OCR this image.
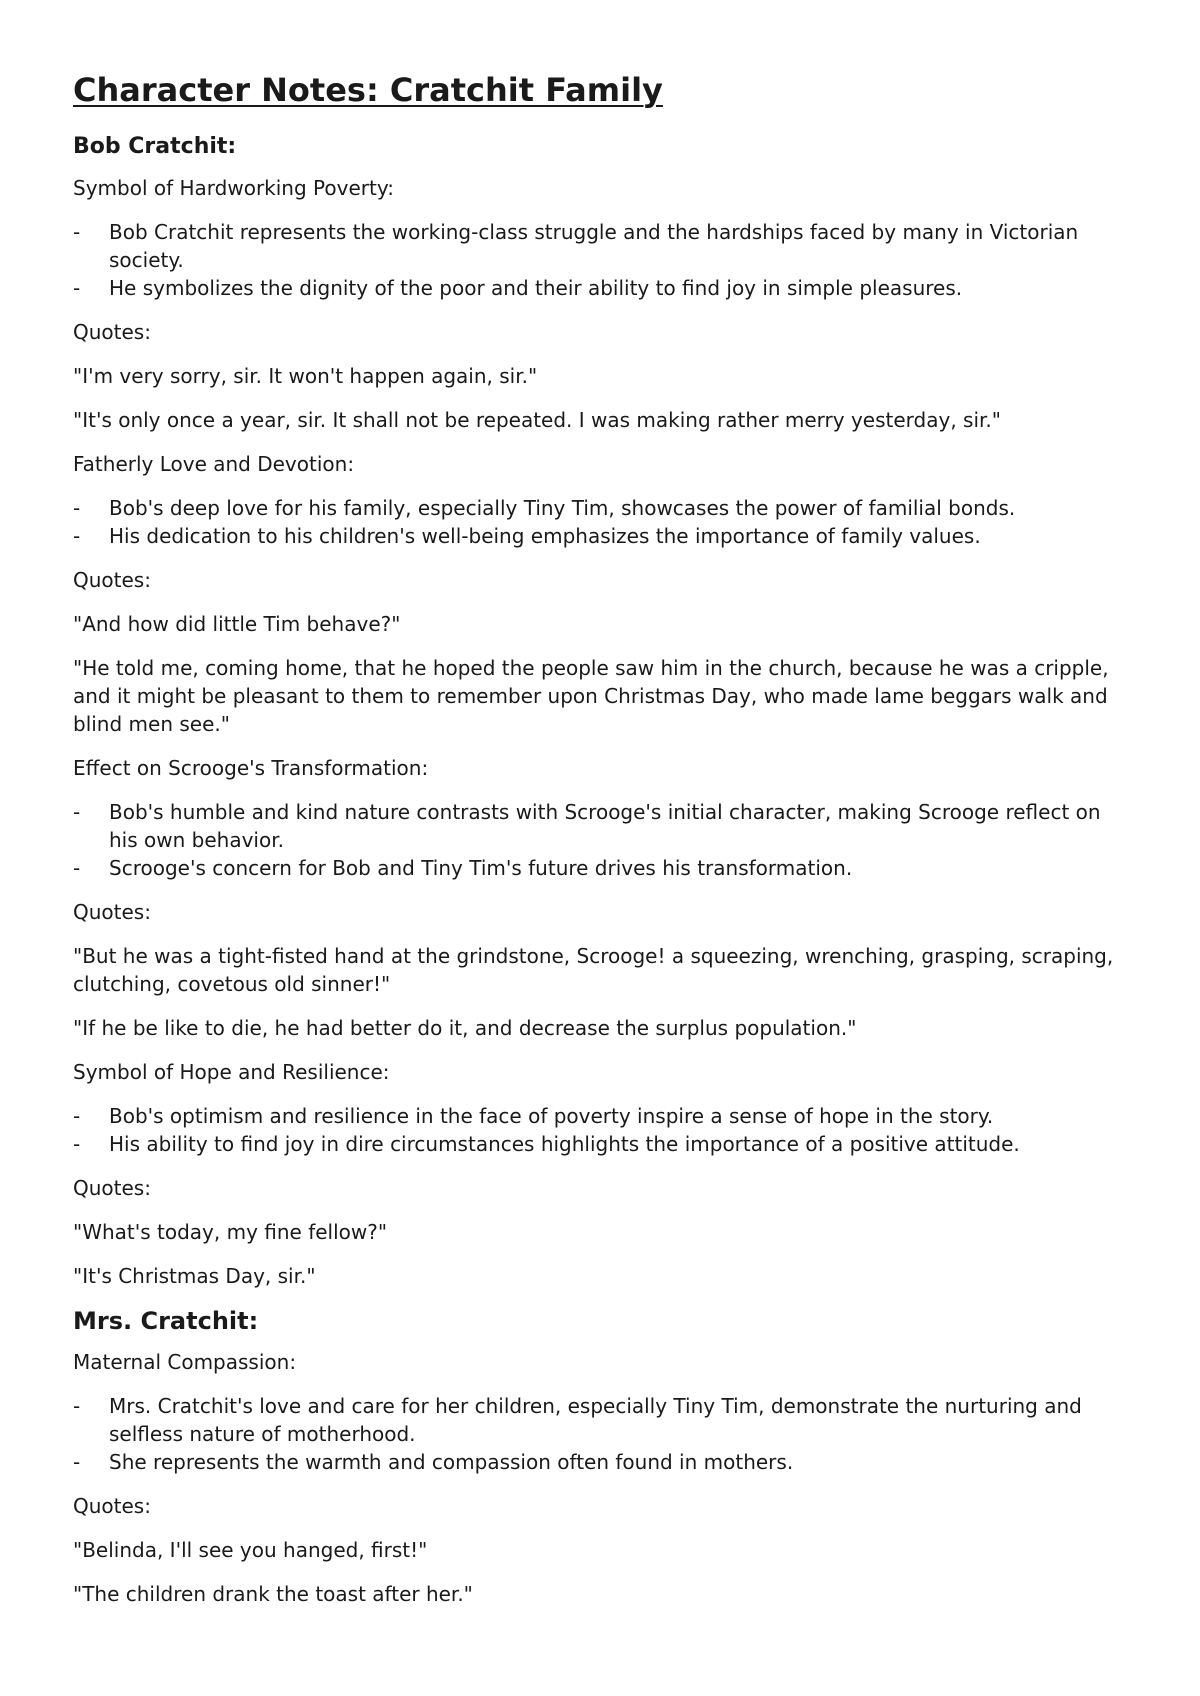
Character Notes: Cratchit Family
Bob Cratchit:

Symbol of Hardworking Poverty:

- Bob Cratchit represents the working-class struggle and the hardships faced by many in Victorian society.
- He symbolizes the dignity of the poor and their ability to find joy in simple pleasures.

Quotes:

"I'm very sorry, sir. It won't happen again, sir."

"It's only once a year, sir. It shall not be repeated. I was making rather merry yesterday, sir."

Fatherly Love and Devotion:

- Bob's deep love for his family, especially Tiny Tim, showcases the power of familial bonds.
- His dedication to his children's well-being emphasizes the importance of family values.

Quotes:

"And how did little Tim behave?"

"He told me, coming home, that he hoped the people saw him in the church, because he was a cripple, and it might be pleasant to them to remember upon Christmas Day, who made lame beggars walk and blind men see."

Effect on Scrooge's Transformation:

- Bob's humble and kind nature contrasts with Scrooge's initial character, making Scrooge reflect on his own behavior.
- Scrooge's concern for Bob and Tiny Tim's future drives his transformation.

Quotes:

"But he was a tight-fisted hand at the grindstone, Scrooge! a squeezing, wrenching, grasping, scraping, clutching, covetous old sinner!"

"If he be like to die, he had better do it, and decrease the surplus population."

Symbol of Hope and Resilience:

- Bob's optimism and resilience in the face of poverty inspire a sense of hope in the story.
- His ability to find joy in dire circumstances highlights the importance of a positive attitude.

Quotes:

"What's today, my fine fellow?"

"It's Christmas Day, sir."

Mrs. Cratchit:

Maternal Compassion:

- Mrs. Cratchit's love and care for her children, especially Tiny Tim, demonstrate the nurturing and selfless nature of motherhood.
- She represents the warmth and compassion often found in mothers.

Quotes:

"Belinda, I'll see you hanged, first!"

"The children drank the toast after her."
